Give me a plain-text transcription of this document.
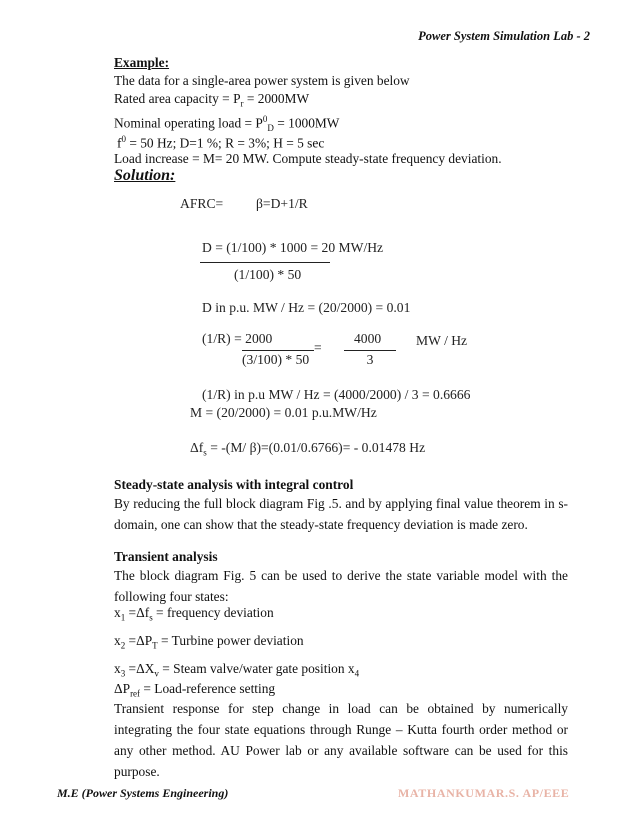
Power System Simulation Lab - 2
Example:
The data for a single-area power system is given below
Rated area capacity = $P_r = 2000MW$
Nominal operating load = $P^0_D = 1000MW$
$f^0 = 50$ Hz; D=1 %; R = 3%; H = 5 sec
Load increase = M= 20 MW. Compute steady-state frequency deviation.
Solution:
AFRC= β=D+1/R
D = (1/100) * 1000 = 20 MW/Hz
(1/100) * 50
D in p.u. MW / Hz = (20/2000) = 0.01
(1/R) = 2000
=
4000	MW / Hz
(3/100) * 50	3
(1/R) in p.u MW / Hz = (4000/2000) / 3 = 0.6666
M = (20/2000) = 0.01 p.u.MW/Hz
$\Delta f_s = -(M/$ β)=(0.01/0.6766)= - 0.01478 Hz
Steady-state analysis with integral control
By reducing the full block diagram Fig .5. and by applying final value theorem in s-domain, one can show that the steady-state frequency deviation is made zero.
Transient analysis
The block diagram Fig. 5 can be used to derive the state variable model with the following four states:
$x_1 =\Delta f_s$ = frequency deviation
$x_2 =\Delta P_T$ = Turbine power deviation
$x_3 =\Delta X_v$ = Steam valve/water gate position $x_4$
$\Delta P_{ref}$ = Load-reference setting
Transient response for step change in load can be obtained by numerically integrating the four state equations through Runge – Kutta fourth order method or any other method. AU Power lab or any available software can be used for this purpose.
M.E (Power Systems Engineering)	MATHANKUMAR.S. AP/EEE
